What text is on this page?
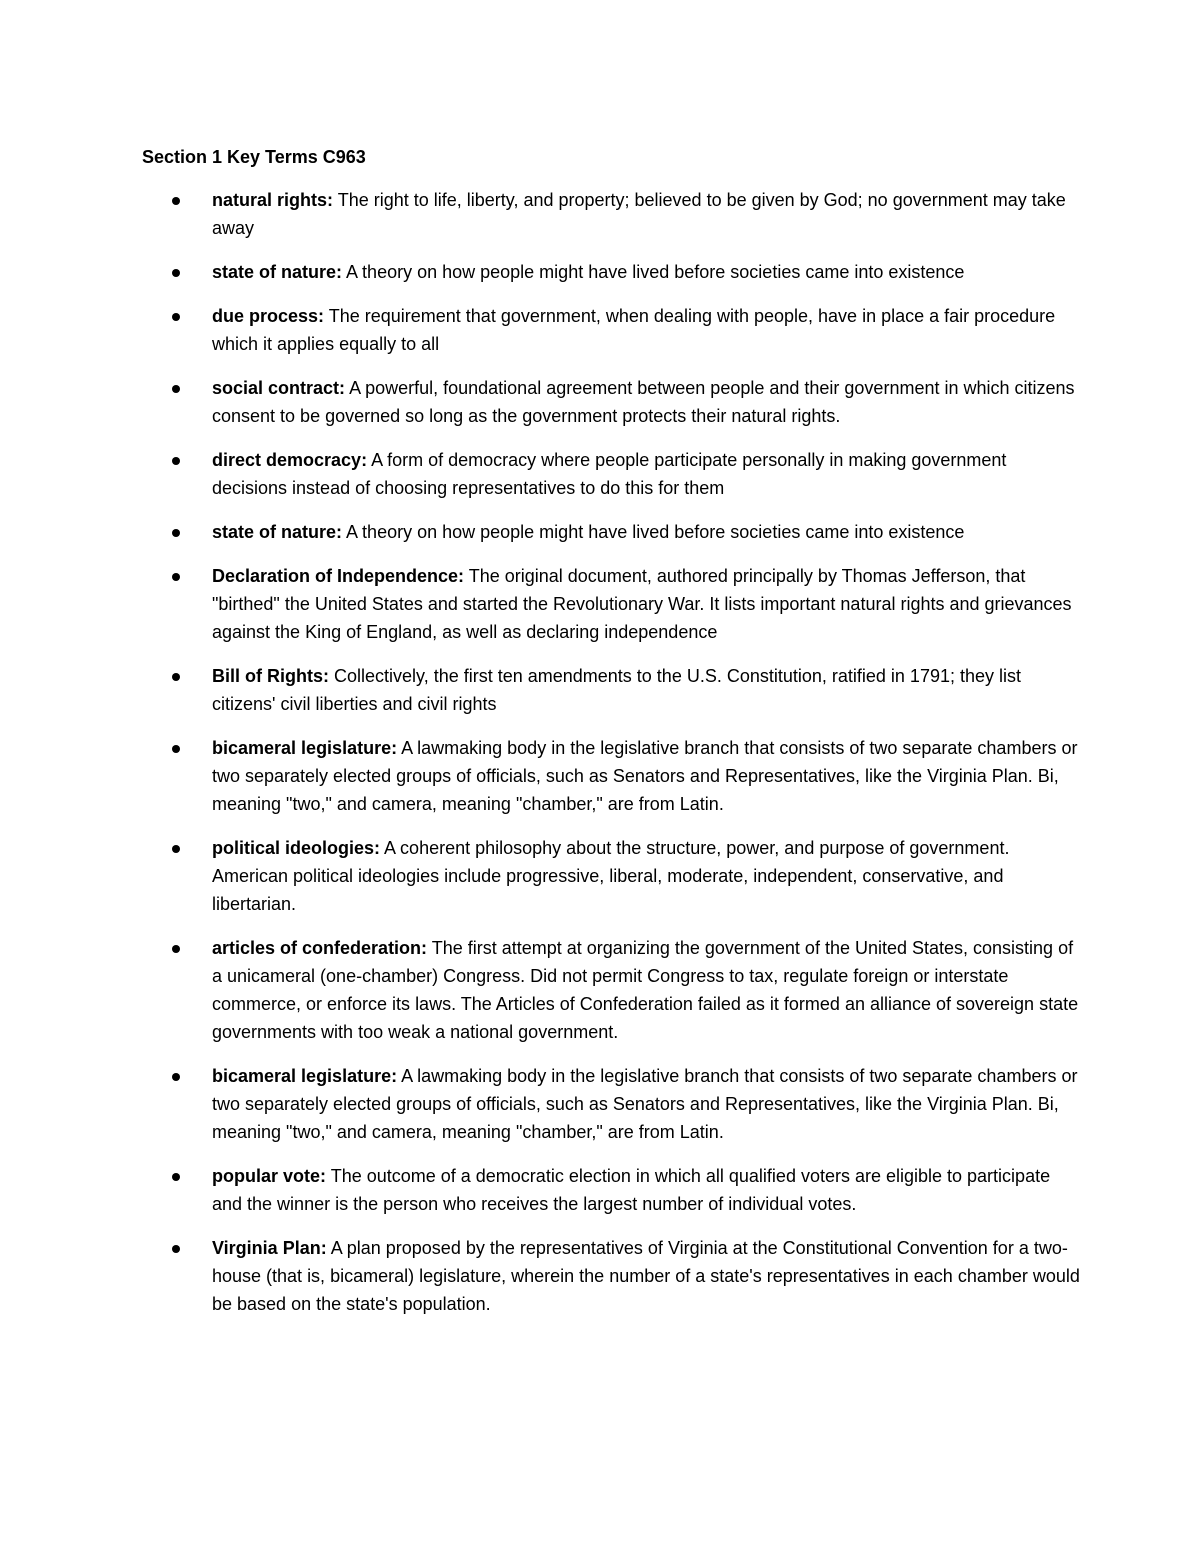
Section 1 Key Terms C963
natural rights: The right to life, liberty, and property; believed to be given by God; no government may take away
state of nature: A theory on how people might have lived before societies came into existence
due process: The requirement that government, when dealing with people, have in place a fair procedure which it applies equally to all
social contract: A powerful, foundational agreement between people and their government in which citizens consent to be governed so long as the government protects their natural rights.
direct democracy: A form of democracy where people participate personally in making government decisions instead of choosing representatives to do this for them
state of nature: A theory on how people might have lived before societies came into existence
Declaration of Independence: The original document, authored principally by Thomas Jefferson, that "birthed" the United States and started the Revolutionary War. It lists important natural rights and grievances against the King of England, as well as declaring independence
Bill of Rights: Collectively, the first ten amendments to the U.S. Constitution, ratified in 1791; they list citizens' civil liberties and civil rights
bicameral legislature: A lawmaking body in the legislative branch that consists of two separate chambers or two separately elected groups of officials, such as Senators and Representatives, like the Virginia Plan. Bi, meaning "two," and camera, meaning "chamber," are from Latin.
political ideologies: A coherent philosophy about the structure, power, and purpose of government. American political ideologies include progressive, liberal, moderate, independent, conservative, and libertarian.
articles of confederation: The first attempt at organizing the government of the United States, consisting of a unicameral (one-chamber) Congress. Did not permit Congress to tax, regulate foreign or interstate commerce, or enforce its laws. The Articles of Confederation failed as it formed an alliance of sovereign state governments with too weak a national government.
bicameral legislature: A lawmaking body in the legislative branch that consists of two separate chambers or two separately elected groups of officials, such as Senators and Representatives, like the Virginia Plan. Bi, meaning "two," and camera, meaning "chamber," are from Latin.
popular vote: The outcome of a democratic election in which all qualified voters are eligible to participate and the winner is the person who receives the largest number of individual votes.
Virginia Plan: A plan proposed by the representatives of Virginia at the Constitutional Convention for a two-house (that is, bicameral) legislature, wherein the number of a state's representatives in each chamber would be based on the state's population.
